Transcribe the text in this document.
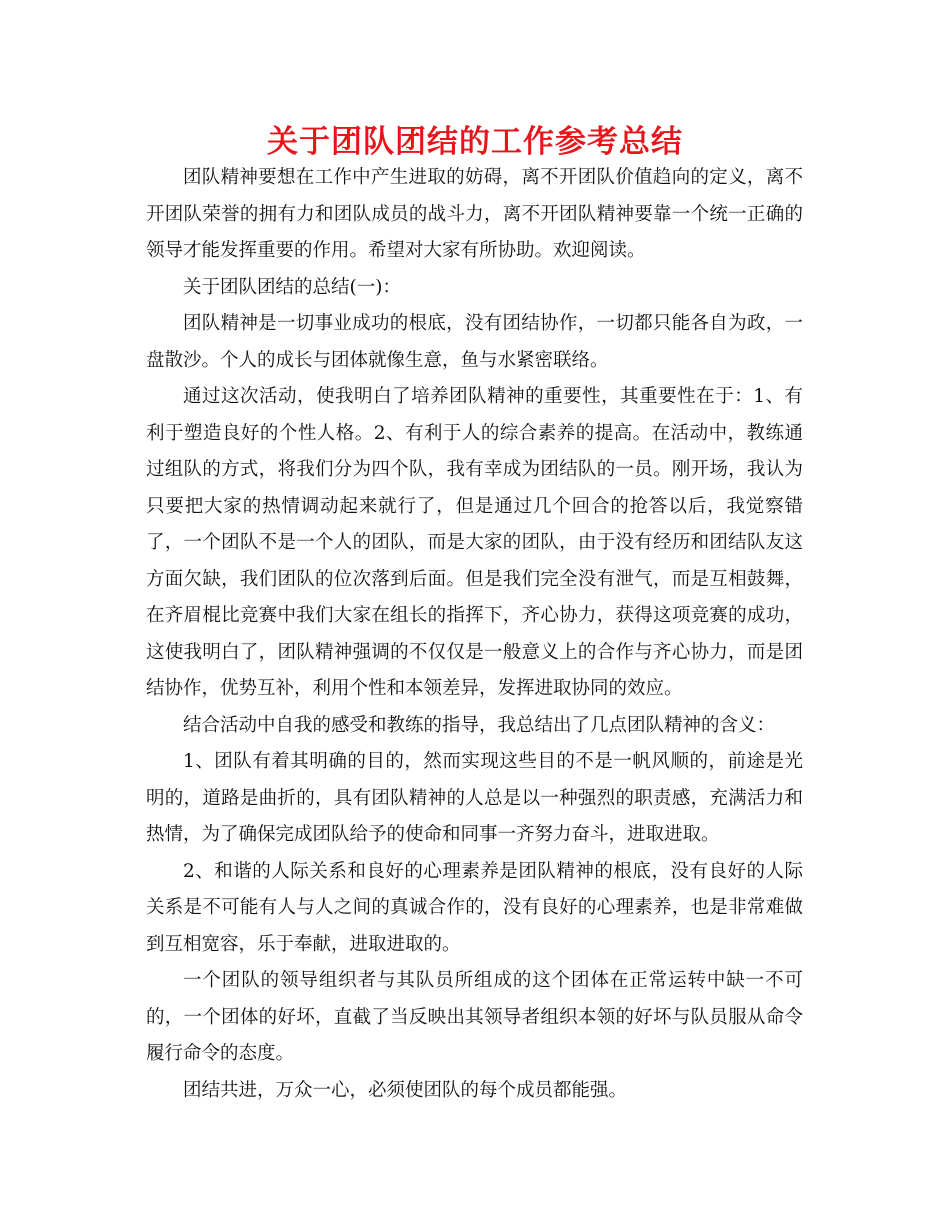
关于团队团结的工作参考总结

团队精神要想在工作中产生进取的妨碍，离不开团队价值趋向的定义，离不开团队荣誉的拥有力和团队成员的战斗力，离不开团队精神要靠一个统一正确的领导才能发挥重要的作用。希望对大家有所协助。欢迎阅读。

关于团队团结的总结(一)：

团队精神是一切事业成功的根底，没有团结协作，一切都只能各自为政，一盘散沙。个人的成长与团体就像生意，鱼与水紧密联络。

通过这次活动，使我明白了培养团队精神的重要性，其重要性在于：1、有利于塑造良好的个性人格。2、有利于人的综合素养的提高。在活动中，教练通过组队的方式，将我们分为四个队，我有幸成为团结队的一员。刚开场，我认为只要把大家的热情调动起来就行了，但是通过几个回合的抢答以后，我觉察错了，一个团队不是一个人的团队，而是大家的团队，由于没有经历和团结队友这方面欠缺，我们团队的位次落到后面。但是我们完全没有泄气，而是互相鼓舞，在齐眉棍比竞赛中我们大家在组长的指挥下，齐心协力，获得这项竞赛的成功，这使我明白了，团队精神强调的不仅仅是一般意义上的合作与齐心协力，而是团结协作，优势互补，利用个性和本领差异，发挥进取协同的效应。

结合活动中自我的感受和教练的指导，我总结出了几点团队精神的含义：

1、团队有着其明确的目的，然而实现这些目的不是一帆风顺的，前途是光明的，道路是曲折的，具有团队精神的人总是以一种强烈的职责感，充满活力和热情，为了确保完成团队给予的使命和同事一齐努力奋斗，进取进取。

2、和谐的人际关系和良好的心理素养是团队精神的根底，没有良好的人际关系是不可能有人与人之间的真诚合作的，没有良好的心理素养，也是非常难做到互相宽容，乐于奉献，进取进取的。

一个团队的领导组织者与其队员所组成的这个团体在正常运转中缺一不可的，一个团体的好坏，直截了当反映出其领导者组织本领的好坏与队员服从命令履行命令的态度。

团结共进，万众一心，必须使团队的每个成员都能强。
